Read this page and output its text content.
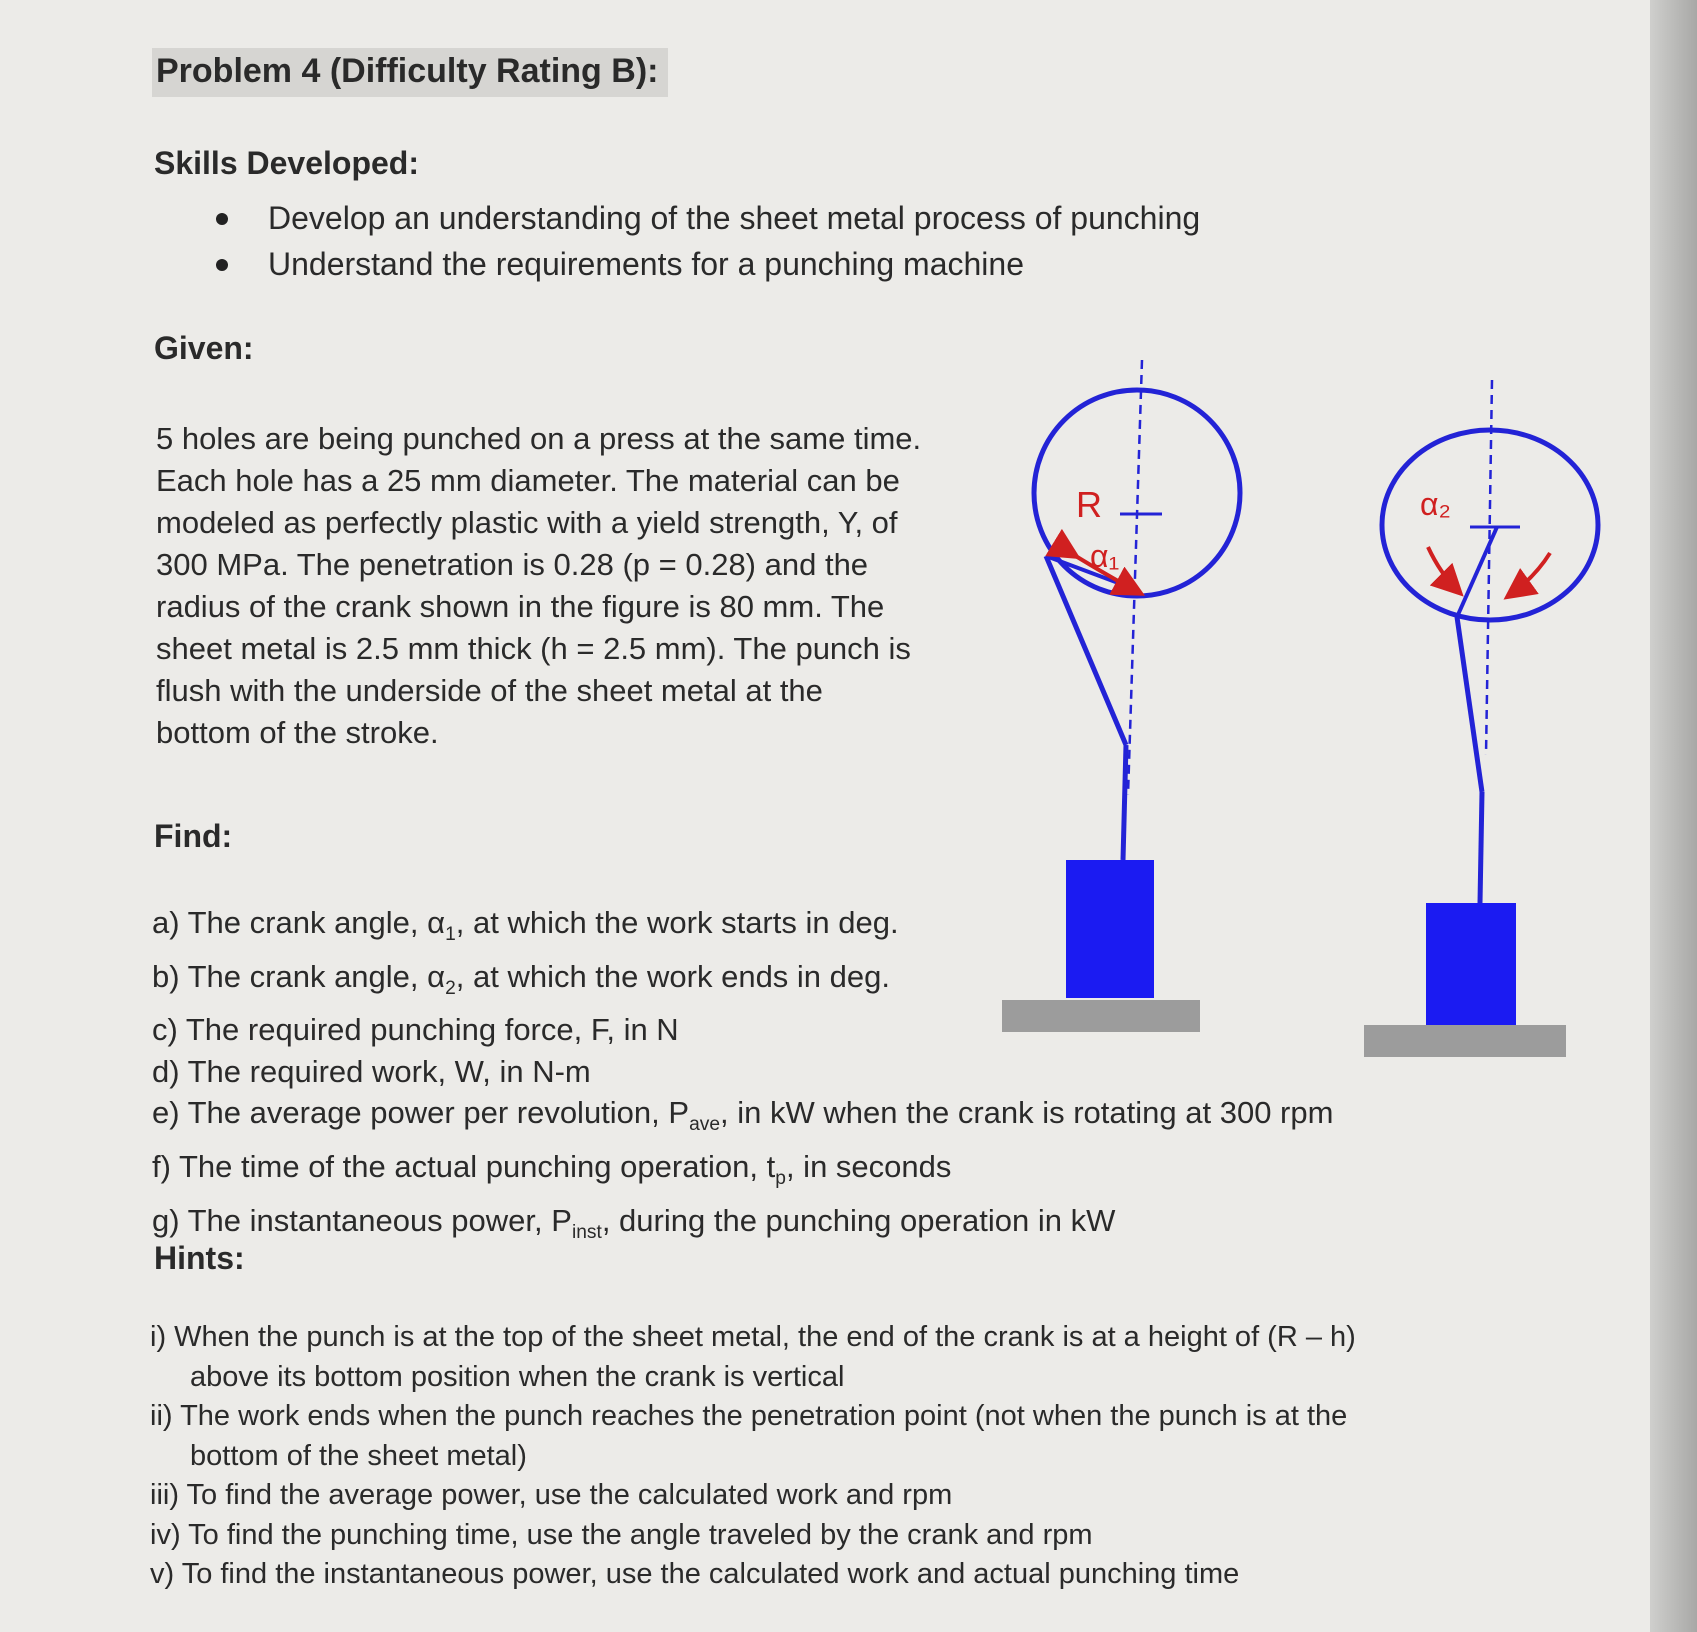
Problem 4 (Difficulty Rating B):
Skills Developed:
Develop an understanding of the sheet metal process of punching
Understand the requirements for a punching machine
Given:
5 holes are being punched on a press at the same time.
Each hole has a 25 mm diameter. The material can be
modeled as perfectly plastic with a yield strength, Y, of
300 MPa. The penetration is 0.28 (p = 0.28) and the
radius of the crank shown in the figure is 80 mm. The
sheet metal is 2.5 mm thick (h = 2.5 mm). The punch is
flush with the underside of the sheet metal at the
bottom of the stroke.
Find:
a) The crank angle, $\alpha_1$, at which the work starts in deg.
b) The crank angle, $\alpha_2$, at which the work ends in deg.
c) The required punching force, F, in N
d) The required work, W, in N-m
e) The average power per revolution, $P_{ave}$, in kW when the crank is rotating at 300 rpm
f) The time of the actual punching operation, $t_p$, in seconds
g) The instantaneous power, $P_{inst}$, during the punching operation in kW
Hints:
i) When the punch is at the top of the sheet metal, the end of the crank is at a height of (R – h)
above its bottom position when the crank is vertical
ii) The work ends when the punch reaches the penetration point (not when the punch is at the
bottom of the sheet metal)
iii) To find the average power, use the calculated work and rpm
iv) To find the punching time, use the angle traveled by the crank and rpm
v) To find the instantaneous power, use the calculated work and actual punching time
R
α₁
α₂
